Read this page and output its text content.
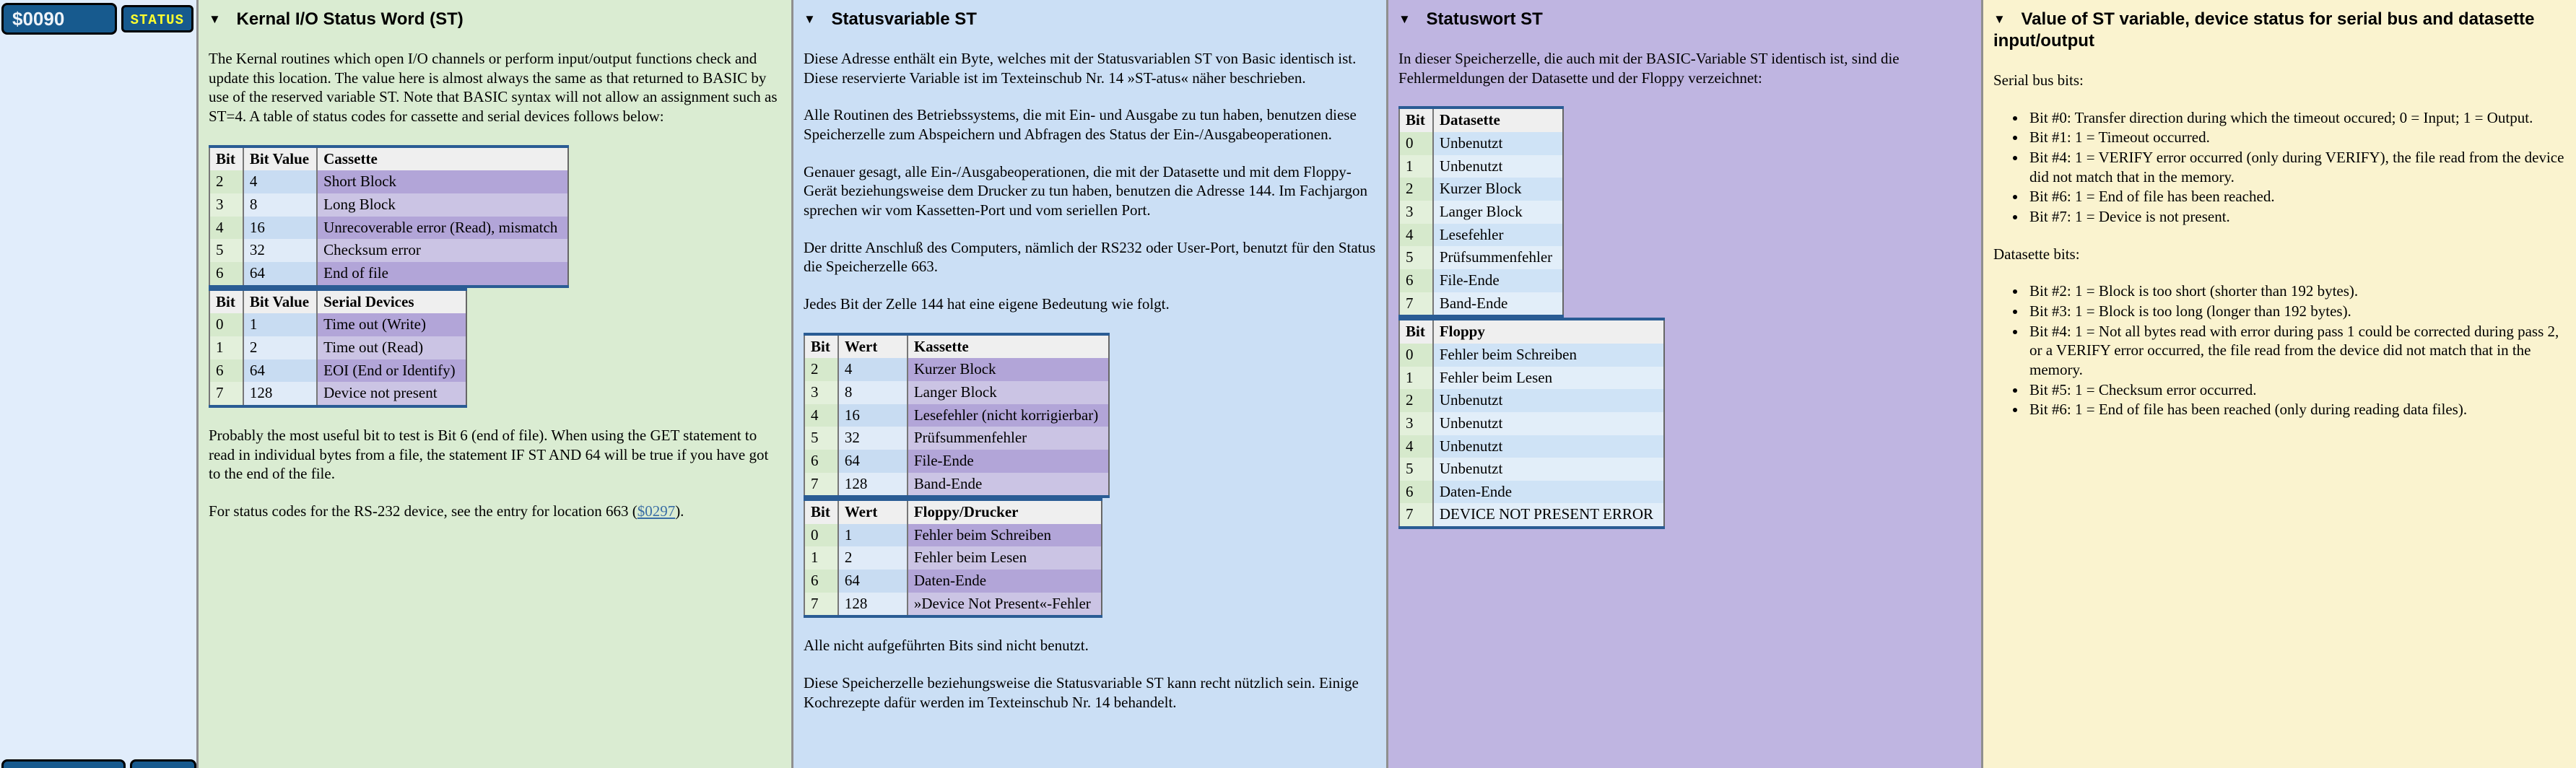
$0090	STATUS	▼ Kernal I/O Status Word (ST)

The Kernal routines which open I/O channels or perform input/output functions check and update this location. The value here is almost always the same as that returned to BASIC by use of the reserved variable ST. Note that BASIC syntax will not allow an assignment such as ST=4. A table of status codes for cassette and serial devices follows below:

Bit	Bit Value	Cassette
2	4	Short Block
3	8	Long Block
4	16	Unrecoverable error (Read), mismatch
5	32	Checksum error
6	64	End of file
Bit	Bit Value	Serial Devices
0	1	Time out (Write)
1	2	Time out (Read)
6	64	EOI (End or Identify)
7	128	Device not present

Probably the most useful bit to test is Bit 6 (end of file). When using the GET statement to read in individual bytes from a file, the statement IF ST AND 64 will be true if you have got to the end of the file.

For status codes for the RS-232 device, see the entry for location 663 ($0297).

▼ Statusvariable ST

Diese Adresse enthält ein Byte, welches mit der Statusvariablen ST von Basic identisch ist. Diese reservierte Variable ist im Texteinschub Nr. 14 »ST-atus« näher beschrieben.

Alle Routinen des Betriebssystems, die mit Ein- und Ausgabe zu tun haben, benutzen diese Speicherzelle zum Abspeichern und Abfragen des Status der Ein-/Ausgabeoperationen.

Genauer gesagt, alle Ein-/Ausgabeoperationen, die mit der Datasette und mit dem Floppy-Gerät beziehungsweise dem Drucker zu tun haben, benutzen die Adresse 144. Im Fachjargon sprechen wir vom Kassetten-Port und vom seriellen Port.

Der dritte Anschluß des Computers, nämlich der RS232 oder User-Port, benutzt für den Status die Speicherzelle 663.

Jedes Bit der Zelle 144 hat eine eigene Bedeutung wie folgt.

Bit	Wert	Kassette
2	4	Kurzer Block
3	8	Langer Block
4	16	Lesefehler (nicht korrigierbar)
5	32	Prüfsummenfehler
6	64	File-Ende
7	128	Band-Ende
Bit	Wert	Floppy/Drucker
0	1	Fehler beim Schreiben
1	2	Fehler beim Lesen
6	64	Daten-Ende
7	128	»Device Not Present«-Fehler

Alle nicht aufgeführten Bits sind nicht benutzt.

Diese Speicherzelle beziehungsweise die Statusvariable ST kann recht nützlich sein. Einige Kochrezepte dafür werden im Texteinschub Nr. 14 behandelt.

▼ Statuswort ST

In dieser Speicherzelle, die auch mit der BASIC-Variable ST identisch ist, sind die Fehlermeldungen der Datasette und der Floppy verzeichnet:

Bit	Datasette
0	Unbenutzt
1	Unbenutzt
2	Kurzer Block
3	Langer Block
4	Lesefehler
5	Prüfsummenfehler
6	File-Ende
7	Band-Ende
Bit	Floppy
0	Fehler beim Schreiben
1	Fehler beim Lesen
2	Unbenutzt
3	Unbenutzt
4	Unbenutzt
5	Unbenutzt
6	Daten-Ende
7	DEVICE NOT PRESENT ERROR
▼ Value of ST variable, device status for serial bus and datasette input/output

Serial bus bits:

• Bit #0: Transfer direction during which the timeout occured; 0 = Input; 1 = Output.
• Bit #1: 1 = Timeout occurred.
• Bit #4: 1 = VERIFY error occurred (only during VERIFY), the file read from the device did not match that in the memory.
• Bit #6: 1 = End of file has been reached.
• Bit #7: 1 = Device is not present.

Datasette bits:

• Bit #2: 1 = Block is too short (shorter than 192 bytes).
• Bit #3: 1 = Block is too long (longer than 192 bytes).
• Bit #4: 1 = Not all bytes read with error during pass 1 could be corrected during pass 2, or a VERIFY error occurred, the file read from the device did not match that in the memory.
• Bit #5: 1 = Checksum error occurred.
• Bit #6: 1 = End of file has been reached (only during reading data files).
